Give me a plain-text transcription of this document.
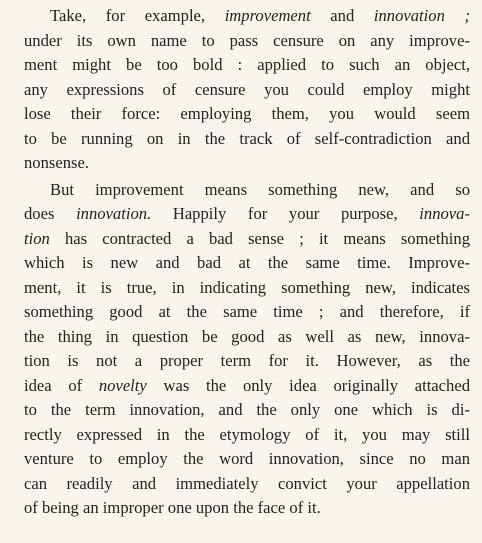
Take, for example, improvement and innovation ;
under its own name to pass censure on any improve-
ment might be too bold : applied to such an object,
any expressions of censure you could employ might
lose their force: employing them, you would seem
to be running on in the track of self-contradiction and
nonsense.

But improvement means something new, and so
does innovation. Happily for your purpose, innova-
tion has contracted a bad sense ; it means something
which is new and bad at the same time. Improve-
ment, it is true, in indicating something new, indicates
something good at the same time ; and therefore, if
the thing in question be good as well as new, innova-
tion is not a proper term for it. However, as the
idea of novelty was the only idea originally attached
to the term innovation, and the only one which is di-
rectly expressed in the etymology of it, you may still
venture to employ the word innovation, since no man
can readily and immediately convict your appellation
of being an improper one upon the face of it.
